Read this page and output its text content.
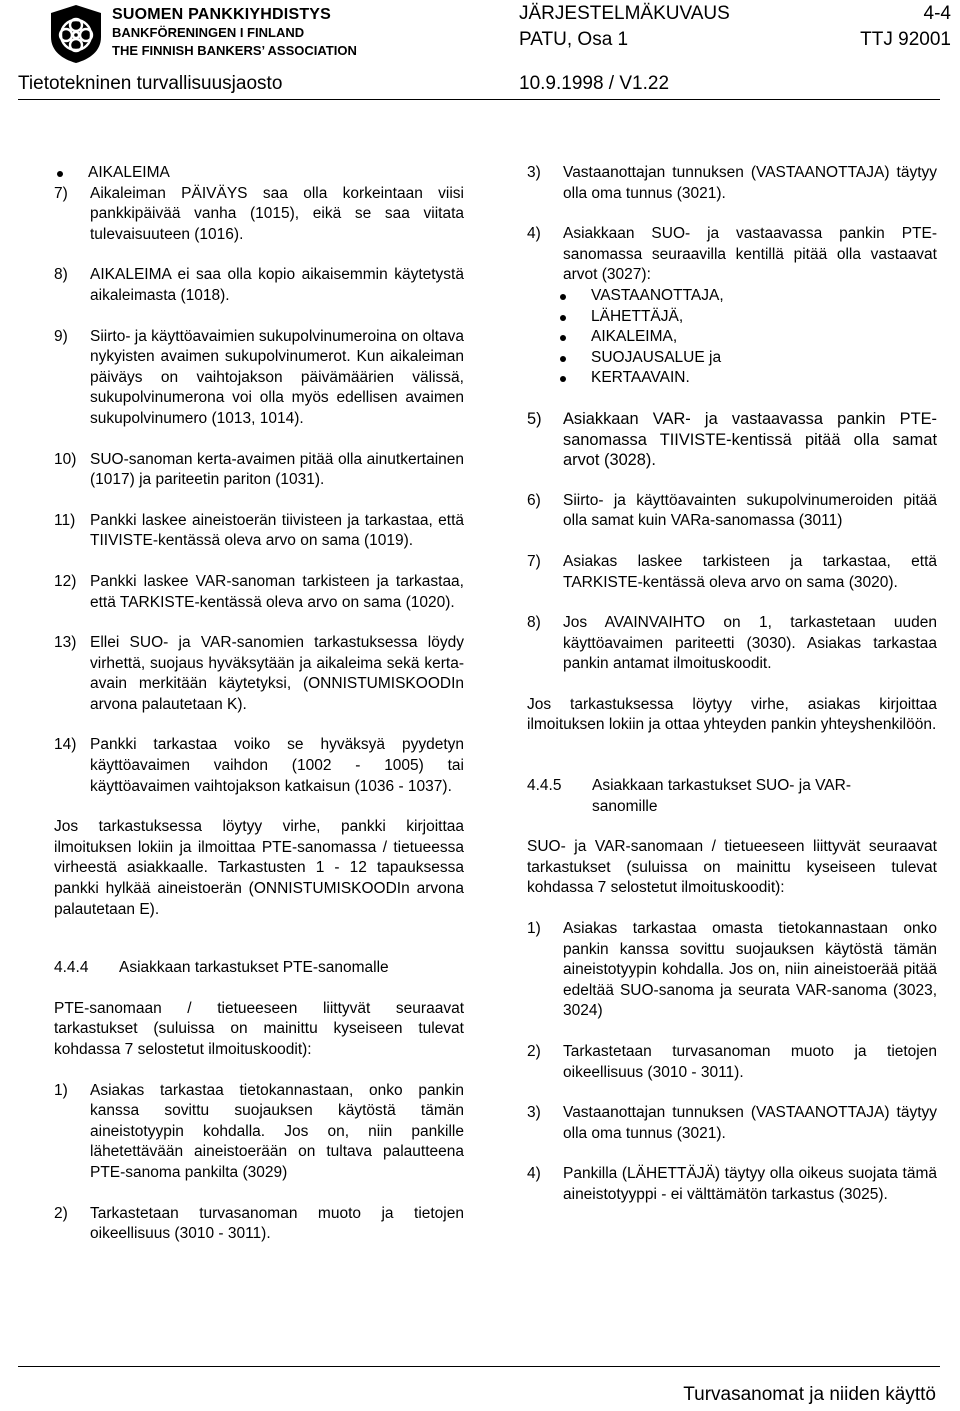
SUOMEN PANKKIYHDISTYS
BANKFÖRENINGEN I FINLAND
THE FINNISH BANKERS’ ASSOCIATION
JÄRJESTELMÄKUVAUS	4-4
PATU, Osa 1	TTJ 92001
Tietotekninen turvallisuusjaosto	10.9.1998 / V1.22
AIKALEIMA
7) Aikaleiman PÄIVÄYS saa olla korkeintaan viisi pankkipäivää vanha (1015), eikä se saa viitata tulevaisuuteen (1016).
8) AIKALEIMA ei saa olla kopio aikaisemmin käytetystä aikaleimasta (1018).
9) Siirto- ja käyttöavaimien sukupolvinumeroina on oltava nykyisten avaimen sukupolvinumerot. Kun aikaleiman päiväys on vaihtojakson päivämäärien välissä, sukupolvinumerona voi olla myös edellisen avaimen sukupolvinumero (1013, 1014).
10) SUO-sanoman kerta-avaimen pitää olla ainutkertainen (1017) ja pariteetin pariton (1031).
11) Pankki laskee aineistoerän tiivisteen ja tarkastaa, että TIIVISTE-kentässä oleva arvo on sama (1019).
12) Pankki laskee VAR-sanoman tarkisteen ja tarkastaa, että TARKISTE-kentässä oleva arvo on sama (1020).
13) Ellei SUO- ja VAR-sanomien tarkastuksessa löydy virhettä, suojaus hyväksytään ja aikaleima sekä kerta-avain merkitään käytetyksi, (ONNISTUMISKOODIn arvona palautetaan K).
14) Pankki tarkastaa voiko se hyväksyä pyydetyn käyttöavaimen vaihdon (1002 - 1005) tai käyttöavaimen vaihtojakson katkaisun (1036 - 1037).
Jos tarkastuksessa löytyy virhe, pankki kirjoittaa ilmoituksen lokiin ja ilmoittaa PTE-sanomassa / tietueessa virheestä asiakkaalle. Tarkastusten 1 - 12 tapauksessa pankki hylkää aineistoerän (ONNISTUMISKOODIn arvona palautetaan E).
4.4.4 Asiakkaan tarkastukset PTE-sanomalle
PTE-sanomaan / tietueeseen liittyvät seuraavat tarkastukset (suluissa on mainittu kyseiseen tulevat kohdassa 7 selostetut ilmoituskoodit):
1) Asiakas tarkastaa tietokannastaan, onko pankin kanssa sovittu suojauksen käytöstä tämän aineistotyypin kohdalla. Jos on, niin pankille lähetettävään aineistoerään on tultava palautteena PTE-sanoma pankilta (3029)
2) Tarkastetaan turvasanoman muoto ja tietojen oikeellisuus (3010 - 3011).
3) Vastaanottajan tunnuksen (VASTAANOTTAJA) täytyy olla oma tunnus (3021).
4) Asiakkaan SUO- ja vastaavassa pankin PTE-sanomassa seuraavilla kentillä pitää olla vastaavat arvot (3027):
VASTAANOTTAJA,
LÄHETTÄJÄ,
AIKALEIMA,
SUOJAUSALUE ja
KERTAAVAIN.
5) Asiakkaan VAR- ja vastaavassa pankin PTE-sanomassa TIIVISTE-kentissä pitää olla samat arvot (3028).
6) Siirto- ja käyttöavainten sukupolvinumeroiden pitää olla samat kuin VARa-sanomassa (3011)
7) Asiakas laskee tarkisteen ja tarkastaa, että TARKISTE-kentässä oleva arvo on sama (3020).
8) Jos AVAINVAIHTO on 1, tarkastetaan uuden käyttöavaimen pariteetti (3030). Asiakas tarkastaa pankin antamat ilmoituskoodit.
Jos tarkastuksessa löytyy virhe, asiakas kirjoittaa ilmoituksen lokiin ja ottaa yhteyden pankin yhteyshenkilöön.
4.4.5 Asiakkaan tarkastukset SUO- ja VAR-sanomille
SUO- ja VAR-sanomaan / tietueeseen liittyvät seuraavat tarkastukset (suluissa on mainittu kyseiseen tulevat kohdassa 7 selostetut ilmoituskoodit):
1) Asiakas tarkastaa omasta tietokannastaan onko pankin kanssa sovittu suojauksen käytöstä tämän aineistotyypin kohdalla. Jos on, niin aineistoerää pitää edeltää SUO-sanoma ja seurata VAR-sanoma (3023, 3024)
2) Tarkastetaan turvasanoman muoto ja tietojen oikeellisuus (3010 - 3011).
3) Vastaanottajan tunnuksen (VASTAANOTTAJA) täytyy olla oma tunnus (3021).
4) Pankilla (LÄHETTÄJÄ) täytyy olla oikeus suojata tämä aineistotyyppi - ei välttämätön tarkastus (3025).
Turvasanomat ja niiden käyttö
